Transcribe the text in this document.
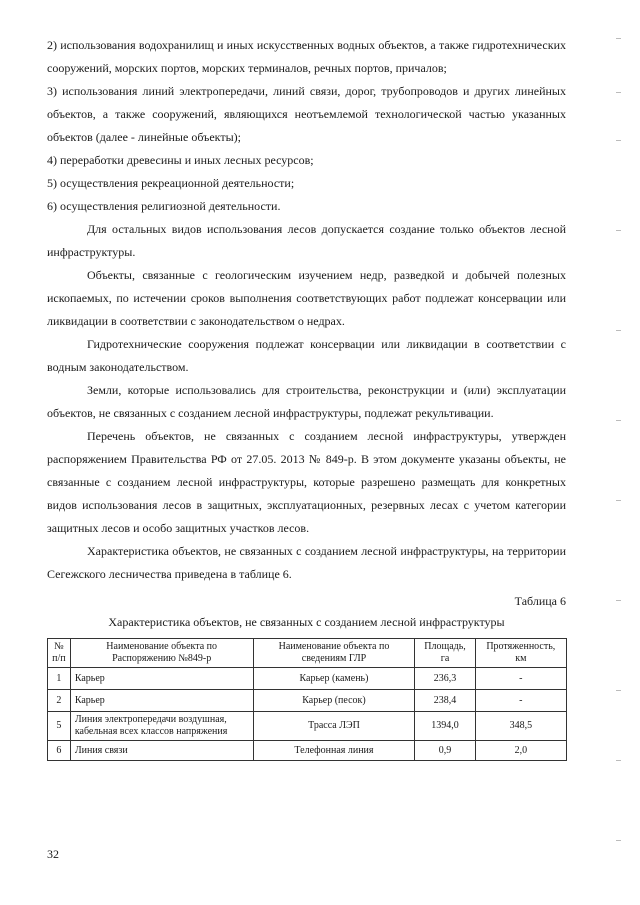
2) использования водохранилищ и иных искусственных водных объектов, а также гидротехнических сооружений, морских портов, морских терминалов, речных портов, причалов;

3) использования линий электропередачи, линий связи, дорог, трубопроводов и других линейных объектов, а также сооружений, являющихся неотъемлемой технологической частью указанных объектов (далее - линейные объекты);

4) переработки древесины и иных лесных ресурсов;

5) осуществления рекреационной деятельности;

6) осуществления религиозной деятельности.

Для остальных видов использования лесов допускается создание только объектов лесной инфраструктуры.

Объекты, связанные с геологическим изучением недр, разведкой и добычей полезных ископаемых, по истечении сроков выполнения соответствующих работ подлежат консервации или ликвидации в соответствии с законодательством о недрах.

Гидротехнические сооружения подлежат консервации или ликвидации в соответствии с водным законодательством.

Земли, которые использовались для строительства, реконструкции и (или) эксплуатации объектов, не связанных с созданием лесной инфраструктуры, подлежат рекультивации.

Перечень объектов, не связанных с созданием лесной инфраструктуры, утвержден распоряжением Правительства РФ от 27.05. 2013 № 849-р. В этом документе указаны объекты, не связанные с созданием лесной инфраструктуры, которые разрешено размещать для конкретных видов использования лесов в защитных, эксплуатационных, резервных лесах с учетом категории защитных лесов и особо защитных участков лесов.

Характеристика объектов, не связанных с созданием лесной инфраструктуры, на территории Сегежского лесничества приведена в таблице 6.

Таблица 6
Характеристика объектов, не связанных с созданием лесной инфраструктуры
№ п/п	Наименование объекта по Распоряжению №849-р	Наименование объекта по сведениям ГЛР	Площадь, га	Протяженность, км
1	Карьер	Карьер (камень)	236,3	-
2	Карьер	Карьер (песок)	238,4	-
5	Линия электропередачи воздушная, кабельная всех классов напряжения	Трасса ЛЭП	1394,0	348,5
6	Линия связи	Телефонная линия	0,9	2,0
32
